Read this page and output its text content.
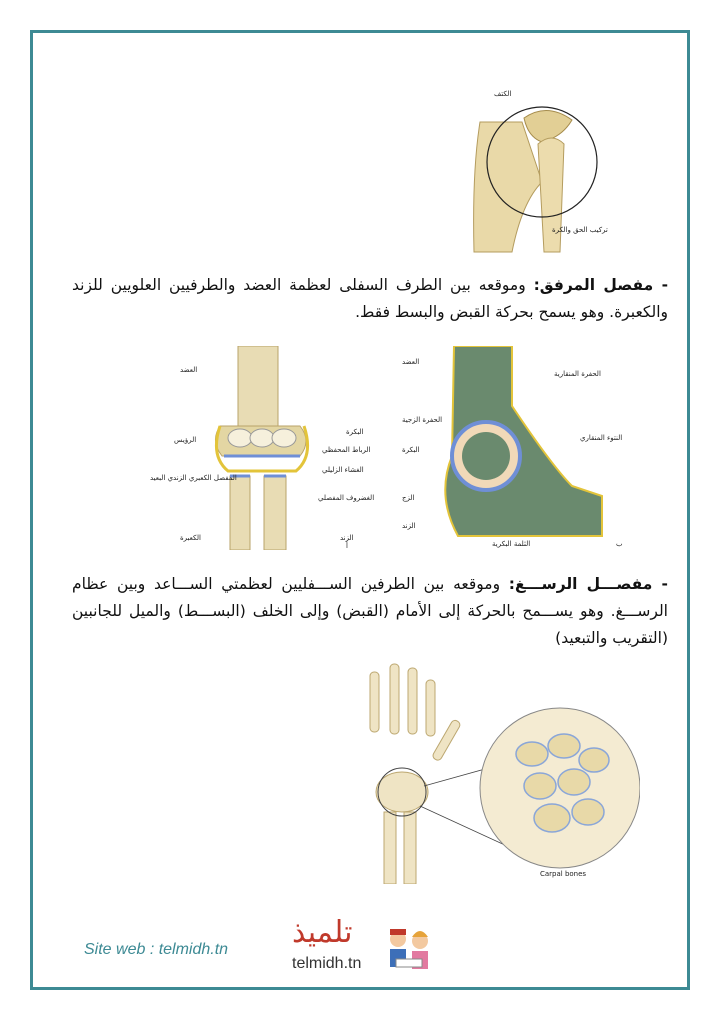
الكتف
تركيب الحق والكرة
- مفصل المرفق: وموقعه بين الطرف السفلى لعظمة العضد والطرفيين العلويين للزند والكعبرة. وهو يسمح بحركة القبض والبسط فقط.
العضد
البكرة
الرؤيس
الرباط المحفظي
الغشاء الزليلي
المفصل الكعبري الزندي البعيد
الغضروف المفصلي
الكعبرة	الزند
أ
العضد
الحفرة المنقارية
الحفرة الزجية
النتوء المنقاري
البكرة
الزج
الزند
الثلمة البكرية	ب
- مفصـــل الرســـغ: وموقعه بين الطرفين الســـفليين لعظمتي الســـاعد وبين عظام الرســـغ. وهو يســـمح بالحركة إلى الأمام (القبض) وإلى الخلف (البســـط) والميل للجانبين (التقريب والتبعيد)
Carpal bones
Site web : telmidh.tn تلميذ
telmidh.tn
